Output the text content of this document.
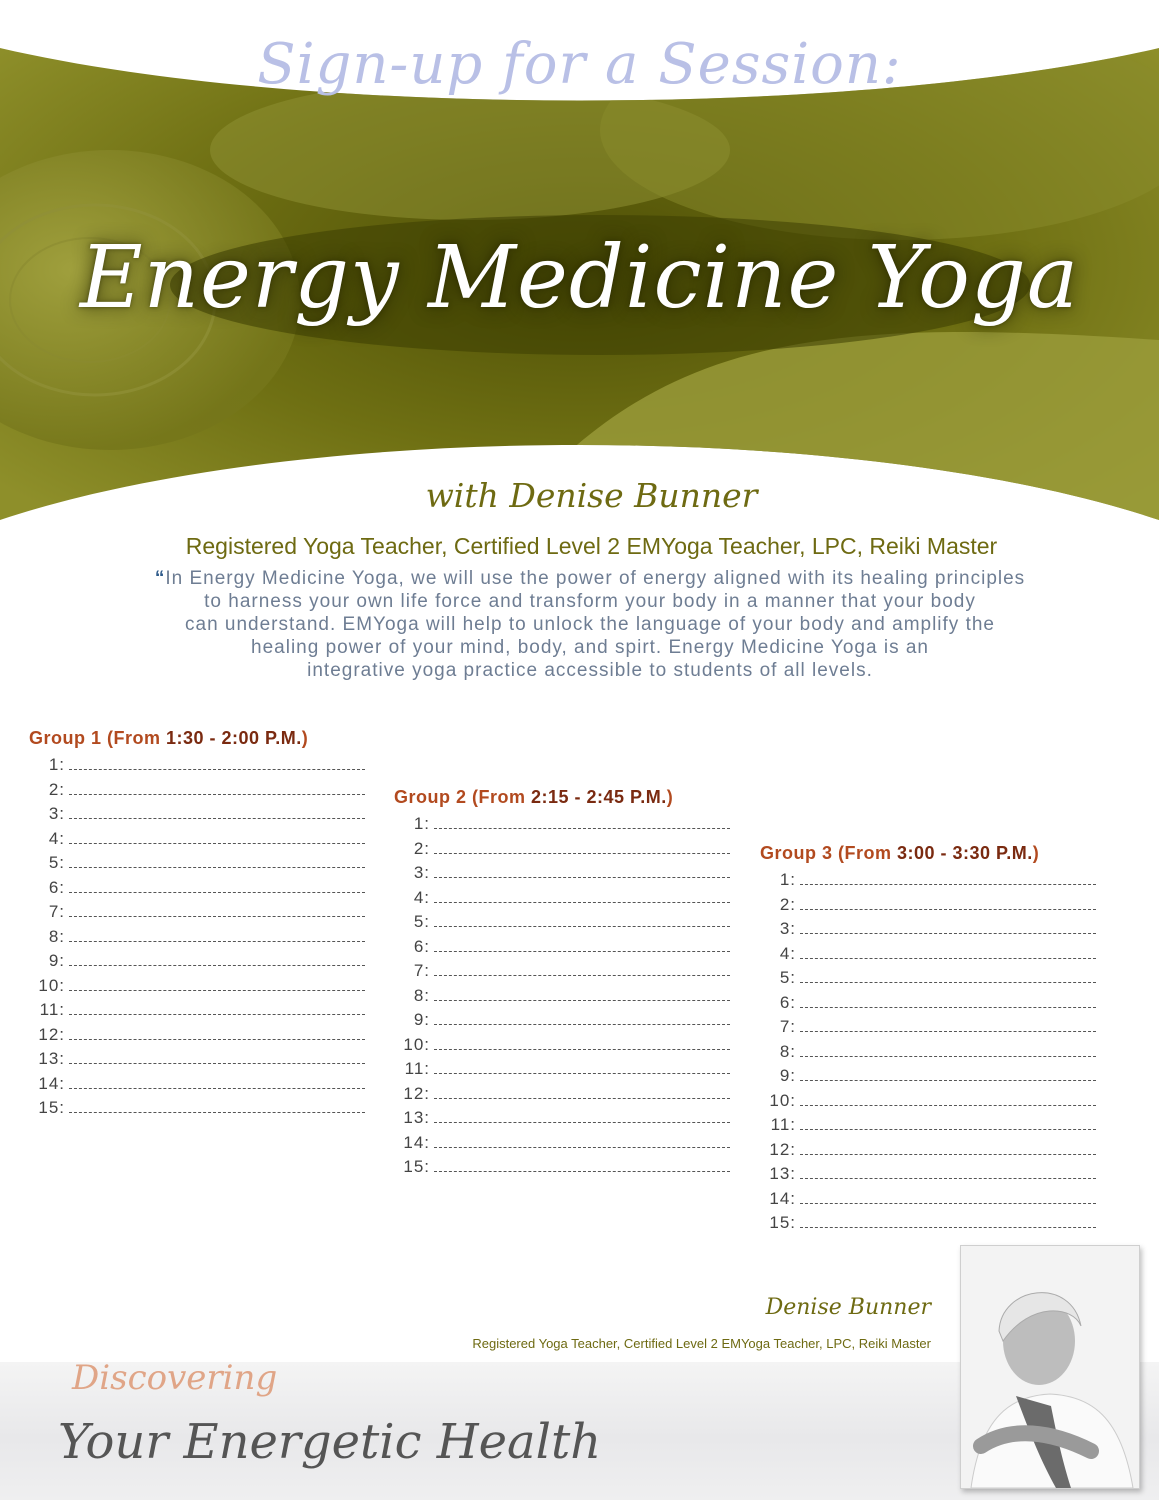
Sign-up for a Session:
Energy Medicine Yoga
with Denise Bunner
Registered Yoga Teacher, Certified Level 2 EMYoga Teacher, LPC, Reiki Master

“In Energy Medicine Yoga, we will use the power of energy aligned with its healing principles
to harness your own life force and transform your body in a manner that your body
can understand. EMYoga will help to unlock the language of your body and amplify the
healing power of your mind, body, and spirt. Energy Medicine Yoga is an
integrative yoga practice accessible to students of all levels.

Group 1 (From 1:30 - 2:00 P.M.)
1:
2:
3:
4:
5:
6:
7:
8:
9:
10:
11:
12:
13:
14:
15:
Group 2 (From 2:15 - 2:45 P.M.)
1:
2:
3:
4:
5:
6:
7:
8:
9:
10:
11:
12:
13:
14:
15:
Group 3 (From 3:00 - 3:30 P.M.)
1:
2:
3:
4:
5:
6:
7:
8:
9:
10:
11:
12:
13:
14:
15:
Denise Bunner
Registered Yoga Teacher, Certified Level 2 EMYoga Teacher, LPC, Reiki Master
Discovering
Your Energetic Health
